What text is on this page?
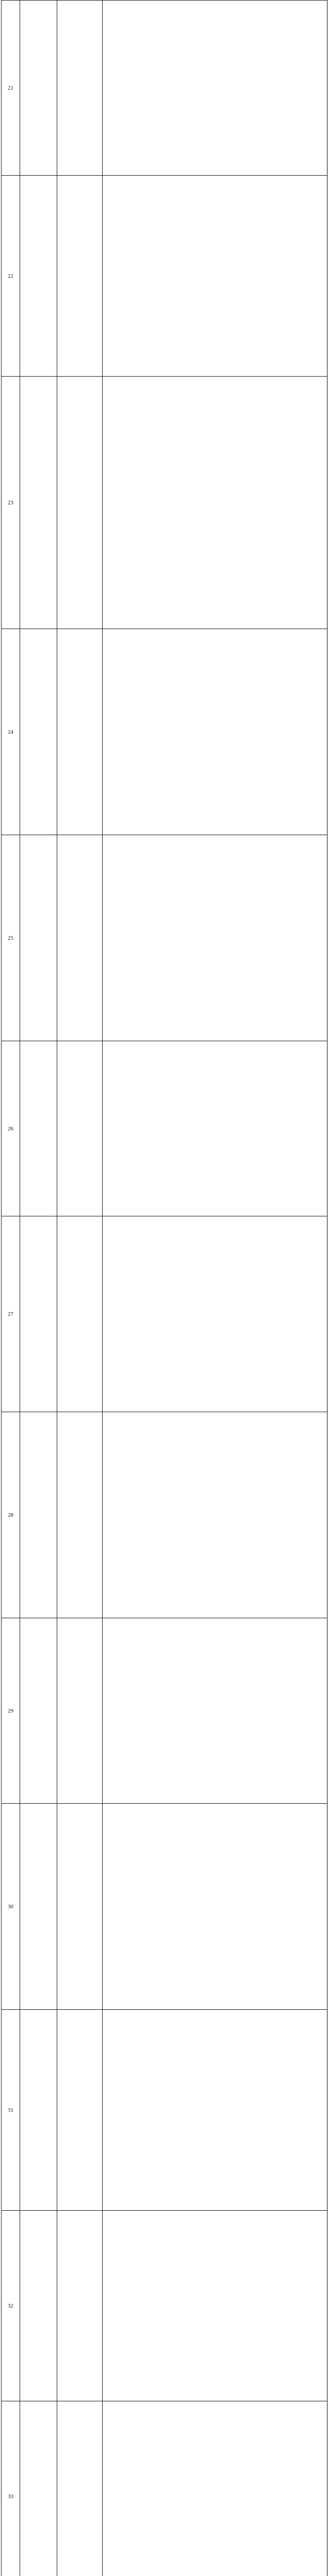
21			
22			
23			
24			
25			
26			
27			
28			
29			
30			
31			
32			
33			
